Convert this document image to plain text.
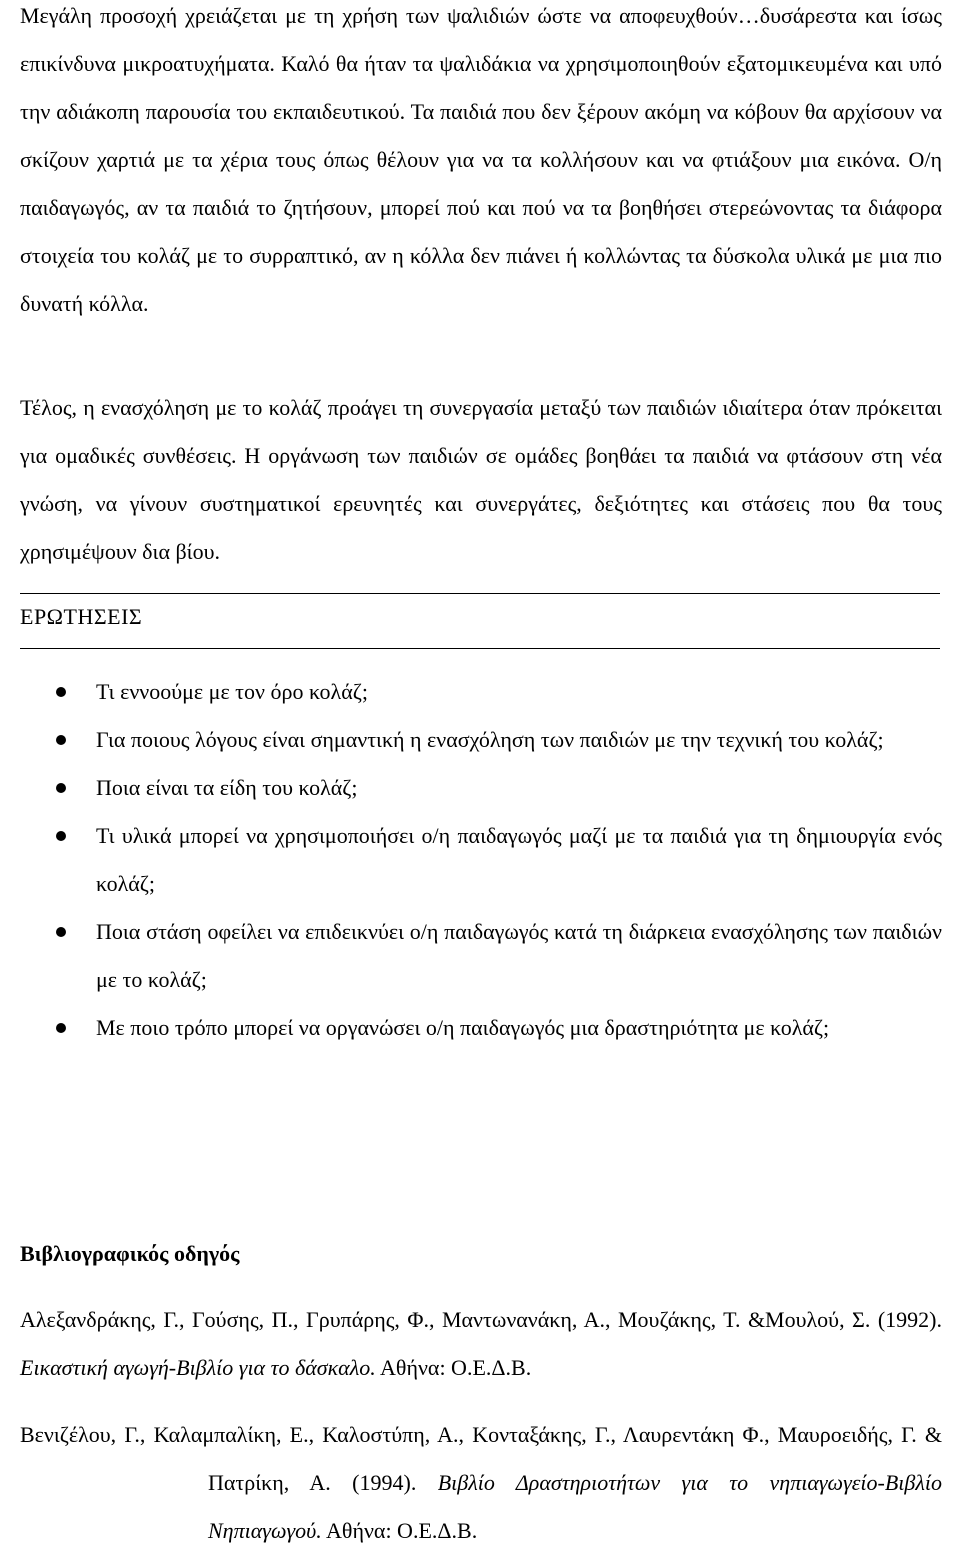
Μεγάλη προσοχή χρειάζεται με τη χρήση των ψαλιδιών ώστε να αποφευχθούν…δυσάρεστα και ίσως επικίνδυνα μικροατυχήματα. Καλό θα ήταν τα ψαλιδάκια να χρησιμοποιηθούν εξατομικευμένα και υπό την αδιάκοπη παρουσία του εκπαιδευτικού. Τα παιδιά που δεν ξέρουν ακόμη να κόβουν θα αρχίσουν να σκίζουν χαρτιά με τα χέρια τους όπως θέλουν για να τα κολλήσουν και να φτιάξουν μια εικόνα. Ο/η παιδαγωγός, αν τα παιδιά το ζητήσουν, μπορεί πού και πού να τα βοηθήσει στερεώνοντας τα διάφορα στοιχεία του κολάζ με το συρραπτικό, αν η κόλλα δεν πιάνει ή κολλώντας τα δύσκολα υλικά με μια πιο δυνατή κόλλα.

Τέλος, η ενασχόληση με το κολάζ προάγει τη συνεργασία μεταξύ των παιδιών ιδιαίτερα όταν πρόκειται για ομαδικές συνθέσεις. Η οργάνωση των παιδιών σε ομάδες βοηθάει τα παιδιά να φτάσουν στη νέα γνώση, να γίνουν συστηματικοί ερευνητές και συνεργάτες, δεξιότητες και στάσεις που θα τους χρησιμέψουν δια βίου.

ΕΡΩΤΗΣΕΙΣ
Τι εννοούμε με τον όρο κολάζ;
Για ποιους λόγους είναι σημαντική η ενασχόληση των παιδιών με την τεχνική του κολάζ;
Ποια είναι τα είδη του κολάζ;
Τι υλικά μπορεί να χρησιμοποιήσει ο/η παιδαγωγός μαζί με τα παιδιά για τη δημιουργία ενός κολάζ;
Ποια στάση οφείλει να επιδεικνύει ο/η παιδαγωγός κατά τη διάρκεια ενασχόλησης των παιδιών με το κολάζ;
Με ποιο τρόπο μπορεί να οργανώσει ο/η παιδαγωγός μια δραστηριότητα με κολάζ;

Βιβλιογραφικός οδηγός

Αλεξανδράκης, Γ., Γούσης, Π., Γρυπάρης, Φ., Μαντωνανάκη, Α., Μουζάκης, Τ. &Μουλού, Σ. (1992). Εικαστική αγωγή-Βιβλίο για το δάσκαλο. Αθήνα: Ο.Ε.Δ.Β.

Βενιζέλου, Γ., Καλαμπαλίκη, Ε., Καλοστύπη, Α., Κονταξάκης, Γ., Λαυρεντάκη Φ., Μαυροειδής, Γ. & Πατρίκη, Α. (1994). Βιβλίο Δραστηριοτήτων για το νηπιαγωγείο-Βιβλίο Νηπιαγωγού. Αθήνα: Ο.Ε.Δ.Β.
